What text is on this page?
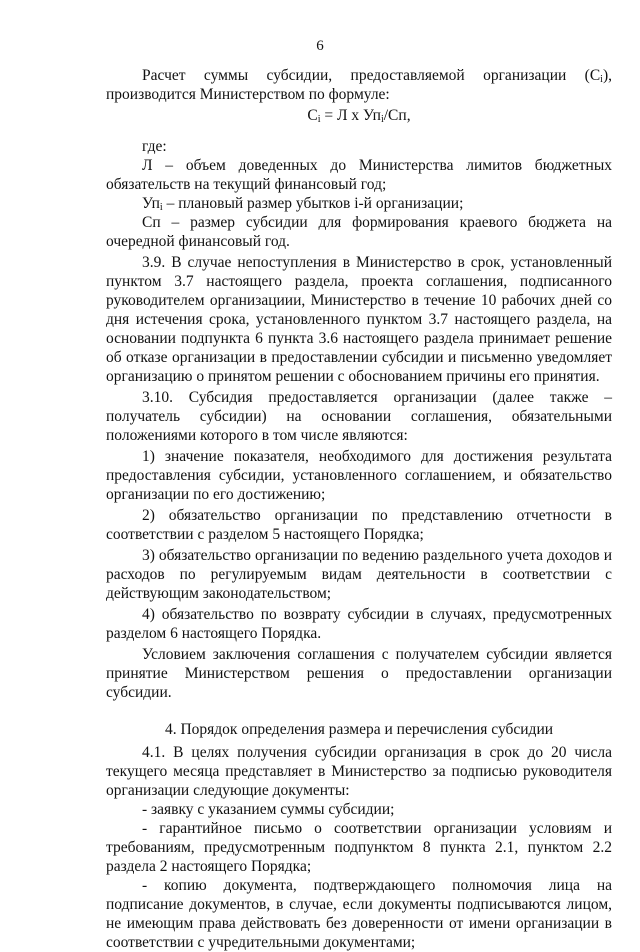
6

Расчет суммы субсидии, предоставляемой организации $(С_i)$, производится Министерством по формуле:

$С_i = Л$ x $Уп_i/Сп$,

где:

Л – объем доведенных до Министерства лимитов бюджетных обязательств на текущий финансовый год;

$Уп_i$ – плановый размер убытков i-й организации;

Сп – размер субсидии для формирования краевого бюджета на очередной финансовый год.

3.9. В случае непоступления в Министерство в срок, установленный пунктом 3.7 настоящего раздела, проекта соглашения, подписанного руководителем организациии, Министерство в течение 10 рабочих дней со дня истечения срока, установленного пунктом 3.7 настоящего раздела, на основании подпункта 6 пункта 3.6 настоящего раздела принимает решение об отказе организации в предоставлении субсидии и письменно уведомляет организацию о принятом решении с обоснованием причины его принятия.

3.10. Субсидия предоставляется организации (далее также – получатель субсидии) на основании соглашения, обязательными положениями которого в том числе являются:

1) значение показателя, необходимого для достижения результата предоставления субсидии, установленного соглашением, и обязательство организации по его достижению;

2) обязательство организации по представлению отчетности в соответствии с разделом 5 настоящего Порядка;

3) обязательство организации по ведению раздельного учета доходов и расходов по регулируемым видам деятельности в соответствии с действующим законодательством;

4) обязательство по возврату субсидии в случаях, предусмотренных разделом 6 настоящего Порядка.

Условием заключения соглашения с получателем субсидии является принятие Министерством решения о предоставлении организации субсидии.

4. Порядок определения размера и перечисления субсидии

4.1. В целях получения субсидии организация в срок до 20 числа текущего месяца представляет в Министерство за подписью руководителя организации следующие документы:

- заявку с указанием суммы субсидии;

- гарантийное письмо о соответствии организации условиям и требованиям, предусмотренным подпунктом 8 пункта 2.1, пунктом 2.2 раздела 2 настоящего Порядка;

- копию документа, подтверждающего полномочия лица на подписание документов, в случае, если документы подписываются лицом, не имеющим права действовать без доверенности от имени организации в соответствии с учредительными документами;
